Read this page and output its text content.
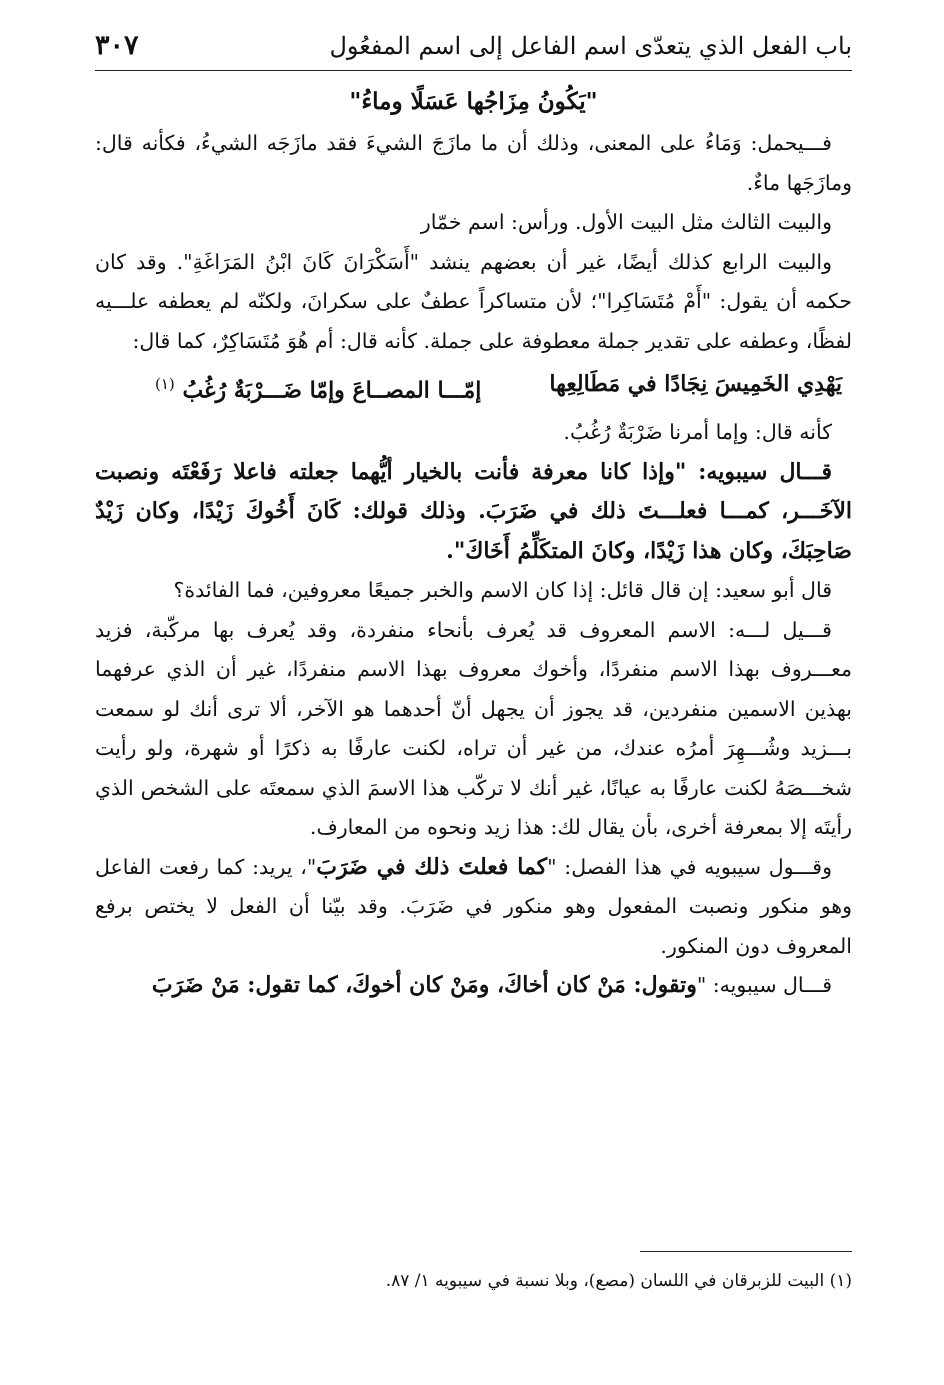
باب الفعل الذي يتعدّى اسم الفاعل إلى اسم المفعُول
٣٠٧

"يَكُونُ مِزَاجُها عَسَلًا وماءُ"

فـــيحمل: وَمَاءُ على المعنى، وذلك أن ما مازَجَ الشيءَ فقد مازَجَه الشيءُ، فكأنه قال: ومازَجَها ماءٌ.

والبيت الثالث مثل البيت الأول. ورأس: اسم خمّار

والبيت الرابع كذلك أيضًا، غير أن بعضهم ينشد "أَسَكْرَانَ كَانَ ابْنُ المَرَاغَةِ". وقد كان حكمه أن يقول: "أَمْ مُتَسَاكِرا"؛ لأن متساكراً عطفٌ على سكرانَ، ولكنّه لم يعطفه علـــيه لفظًا، وعطفه على تقدير جملة معطوفة على جملة. كأنه قال: أم هُوَ مُتَسَاكِرٌ، كما قال:

يَهْدِي الخَمِيسَ نِجَادًا في مَطَالِعِها
إمّـــا المصــاعَ وإمّا ضَـــرْبَةٌ رُغُبُ $^{(١)}$

كأنه قال: وإما أمرنا ضَرْبَةٌ رُغُبُ.

قـــال سيبويه: "وإذا كانا معرفة فأنت بالخيار أيُّهما جعلته فاعلا رَفَعْتَه ونصبت الآخَـــر، كمـــا فعلـــتَ ذلك في ضَرَبَ. وذلك قولك: كَانَ أَخُوكَ زَيْدًا، وكان زَيْدٌ صَاحِبَكَ، وكان هذا زَيْدًا، وكانَ المتكَلِّمُ أَخَاكَ".

قال أبو سعيد: إن قال قائل: إذا كان الاسم والخبر جميعًا معروفين، فما الفائدة؟

قـــيل لـــه: الاسم المعروف قد يُعرف بأنحاء منفردة، وقد يُعرف بها مركّبة، فزيد معـــروف بهذا الاسم منفردًا، وأخوك معروف بهذا الاسم منفردًا، غير أن الذي عرفهما بهذين الاسمين منفردين، قد يجوز أن يجهل أنّ أحدهما هو الآخر، ألا ترى أنك لو سمعت بـــزيد وشُـــهِرَ أمرُه عندك، من غير أن تراه، لكنت عارفًا به ذكرًا أو شهرة، ولو رأيت شخـــصَهُ لكنت عارفًا به عيانًا، غير أنك لا تركّب هذا الاسمَ الذي سمعتَه على الشخص الذي رأيتَه إلا بمعرفة أخرى، بأن يقال لك: هذا زيد ونحوه من المعارف.

وقـــول سيبويه في هذا الفصل: "كما فعلتَ ذلك في ضَرَبَ"، يريد: كما رفعت الفاعل وهو منكور ونصبت المفعول وهو منكور في ضَرَبَ. وقد بيّنا أن الفعل لا يختص برفع المعروف دون المنكور.

قـــال سيبويه: "وتقول: مَنْ كان أخاكَ، ومَنْ كان أخوكَ، كما تقول: مَنْ ضَرَبَ

(١) البيت للزبرقان في اللسان (مصع)، وبلا نسبة في سيبويه ١/ ٨٧.
